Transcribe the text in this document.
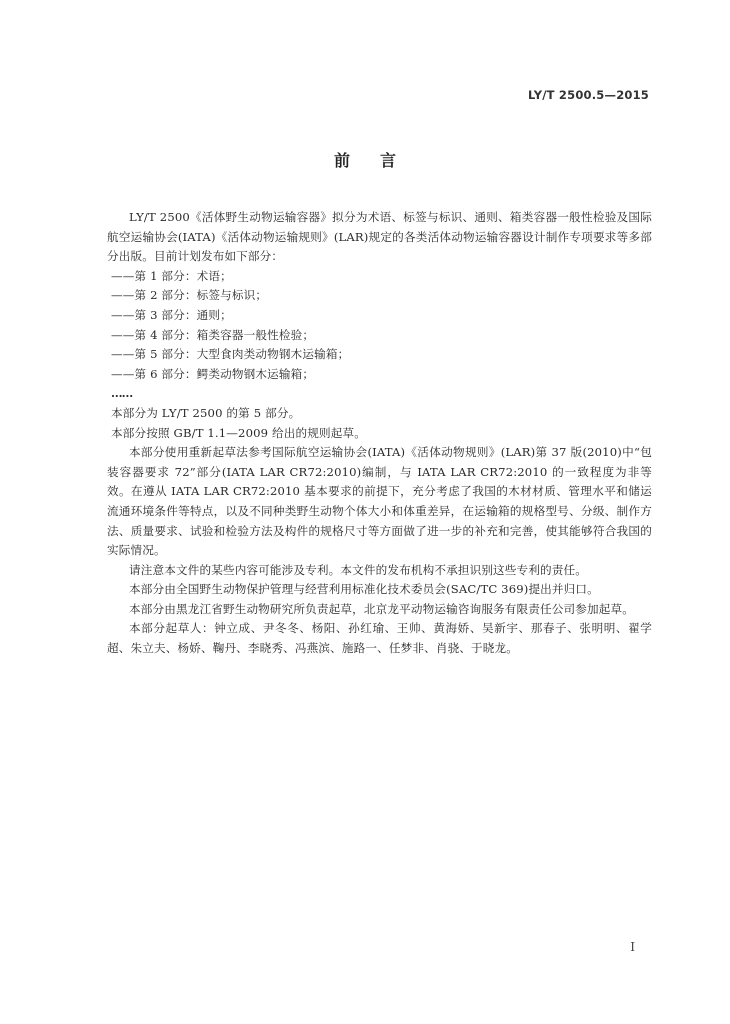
LY/T 2500.5—2015
前言

LY/T 2500《活体野生动物运输容器》拟分为术语、标签与标识、通则、箱类容器一般性检验及国际航空运输协会(IATA)《活体动物运输规则》(LAR)规定的各类活体动物运输容器设计制作专项要求等多部分出版。目前计划发布如下部分：

——第 1 部分：术语；

——第 2 部分：标签与标识；

——第 3 部分：通则；

——第 4 部分：箱类容器一般性检验；

——第 5 部分：大型食肉类动物钢木运输箱；

——第 6 部分：鳄类动物钢木运输箱；

……

本部分为 LY/T 2500 的第 5 部分。

本部分按照 GB/T 1.1—2009 给出的规则起草。

本部分使用重新起草法参考国际航空运输协会(IATA)《活体动物规则》(LAR)第 37 版(2010)中“包装容器要求 72”部分(IATA LAR CR72:2010)编制，与 IATA LAR CR72:2010 的一致程度为非等效。在遵从 IATA LAR CR72:2010 基本要求的前提下，充分考虑了我国的木材材质、管理水平和储运流通环境条件等特点，以及不同种类野生动物个体大小和体重差异，在运输箱的规格型号、分级、制作方法、质量要求、试验和检验方法及构件的规格尺寸等方面做了进一步的补充和完善，使其能够符合我国的实际情况。

请注意本文件的某些内容可能涉及专利。本文件的发布机构不承担识别这些专利的责任。

本部分由全国野生动物保护管理与经营利用标准化技术委员会(SAC/TC 369)提出并归口。

本部分由黑龙江省野生动物研究所负责起草，北京龙平动物运输咨询服务有限责任公司参加起草。

本部分起草人：钟立成、尹冬冬、杨阳、孙红瑜、王帅、黄海娇、吴新宇、那春子、张明明、翟学超、朱立夫、杨娇、鞠丹、李晓秀、冯燕滨、施路一、任梦非、肖骁、于晓龙。

I
